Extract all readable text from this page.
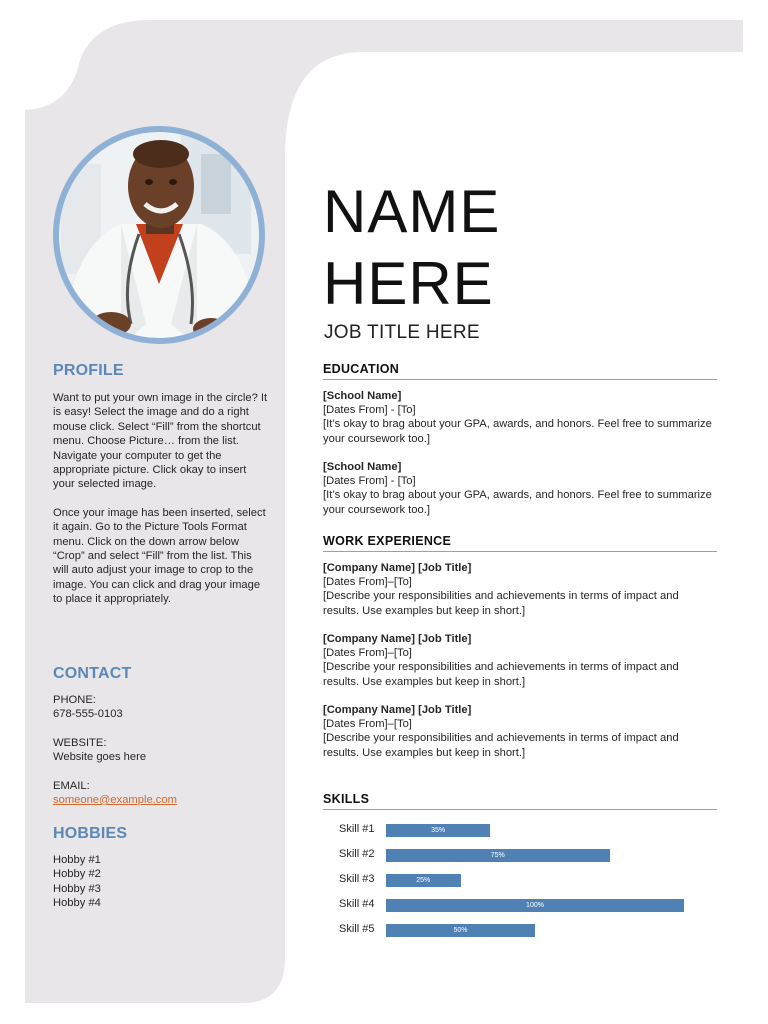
PROFILE

Want to put your own image in the circle? It is easy! Select the image and do a right mouse click. Select “Fill” from the shortcut menu. Choose Picture… from the list. Navigate your computer to get the appropriate picture. Click okay to insert your selected image.

Once your image has been inserted, select it again. Go to the Picture Tools Format menu. Click on the down arrow below “Crop” and select “Fill” from the list. This will auto adjust your image to crop to the image. You can click and drag your image to place it appropriately.

CONTACT

PHONE:

678-555-0103

WEBSITE:

Website goes here

EMAIL:

someone@example.com

HOBBIES

Hobby #1

Hobby #2

Hobby #3

Hobby #4

NAME
HERE
JOB TITLE HERE
EDUCATION
[School Name]
[Dates From] - [To]
[It’s okay to brag about your GPA, awards, and honors. Feel free to summarize your coursework too.]
[School Name]
[Dates From] - [To]
[It’s okay to brag about your GPA, awards, and honors. Feel free to summarize your coursework too.]
WORK EXPERIENCE
[Company Name] [Job Title]
[Dates From]–[To]
[Describe your responsibilities and achievements in terms of impact and results. Use examples but keep in short.]
[Company Name] [Job Title]
[Dates From]–[To]
[Describe your responsibilities and achievements in terms of impact and results. Use examples but keep in short.]
[Company Name] [Job Title]
[Dates From]–[To]
[Describe your responsibilities and achievements in terms of impact and results. Use examples but keep in short.]
SKILLS
Skill #1	35%
Skill #2	75%
Skill #3	25%
Skill #4	100%
Skill #5	50%
